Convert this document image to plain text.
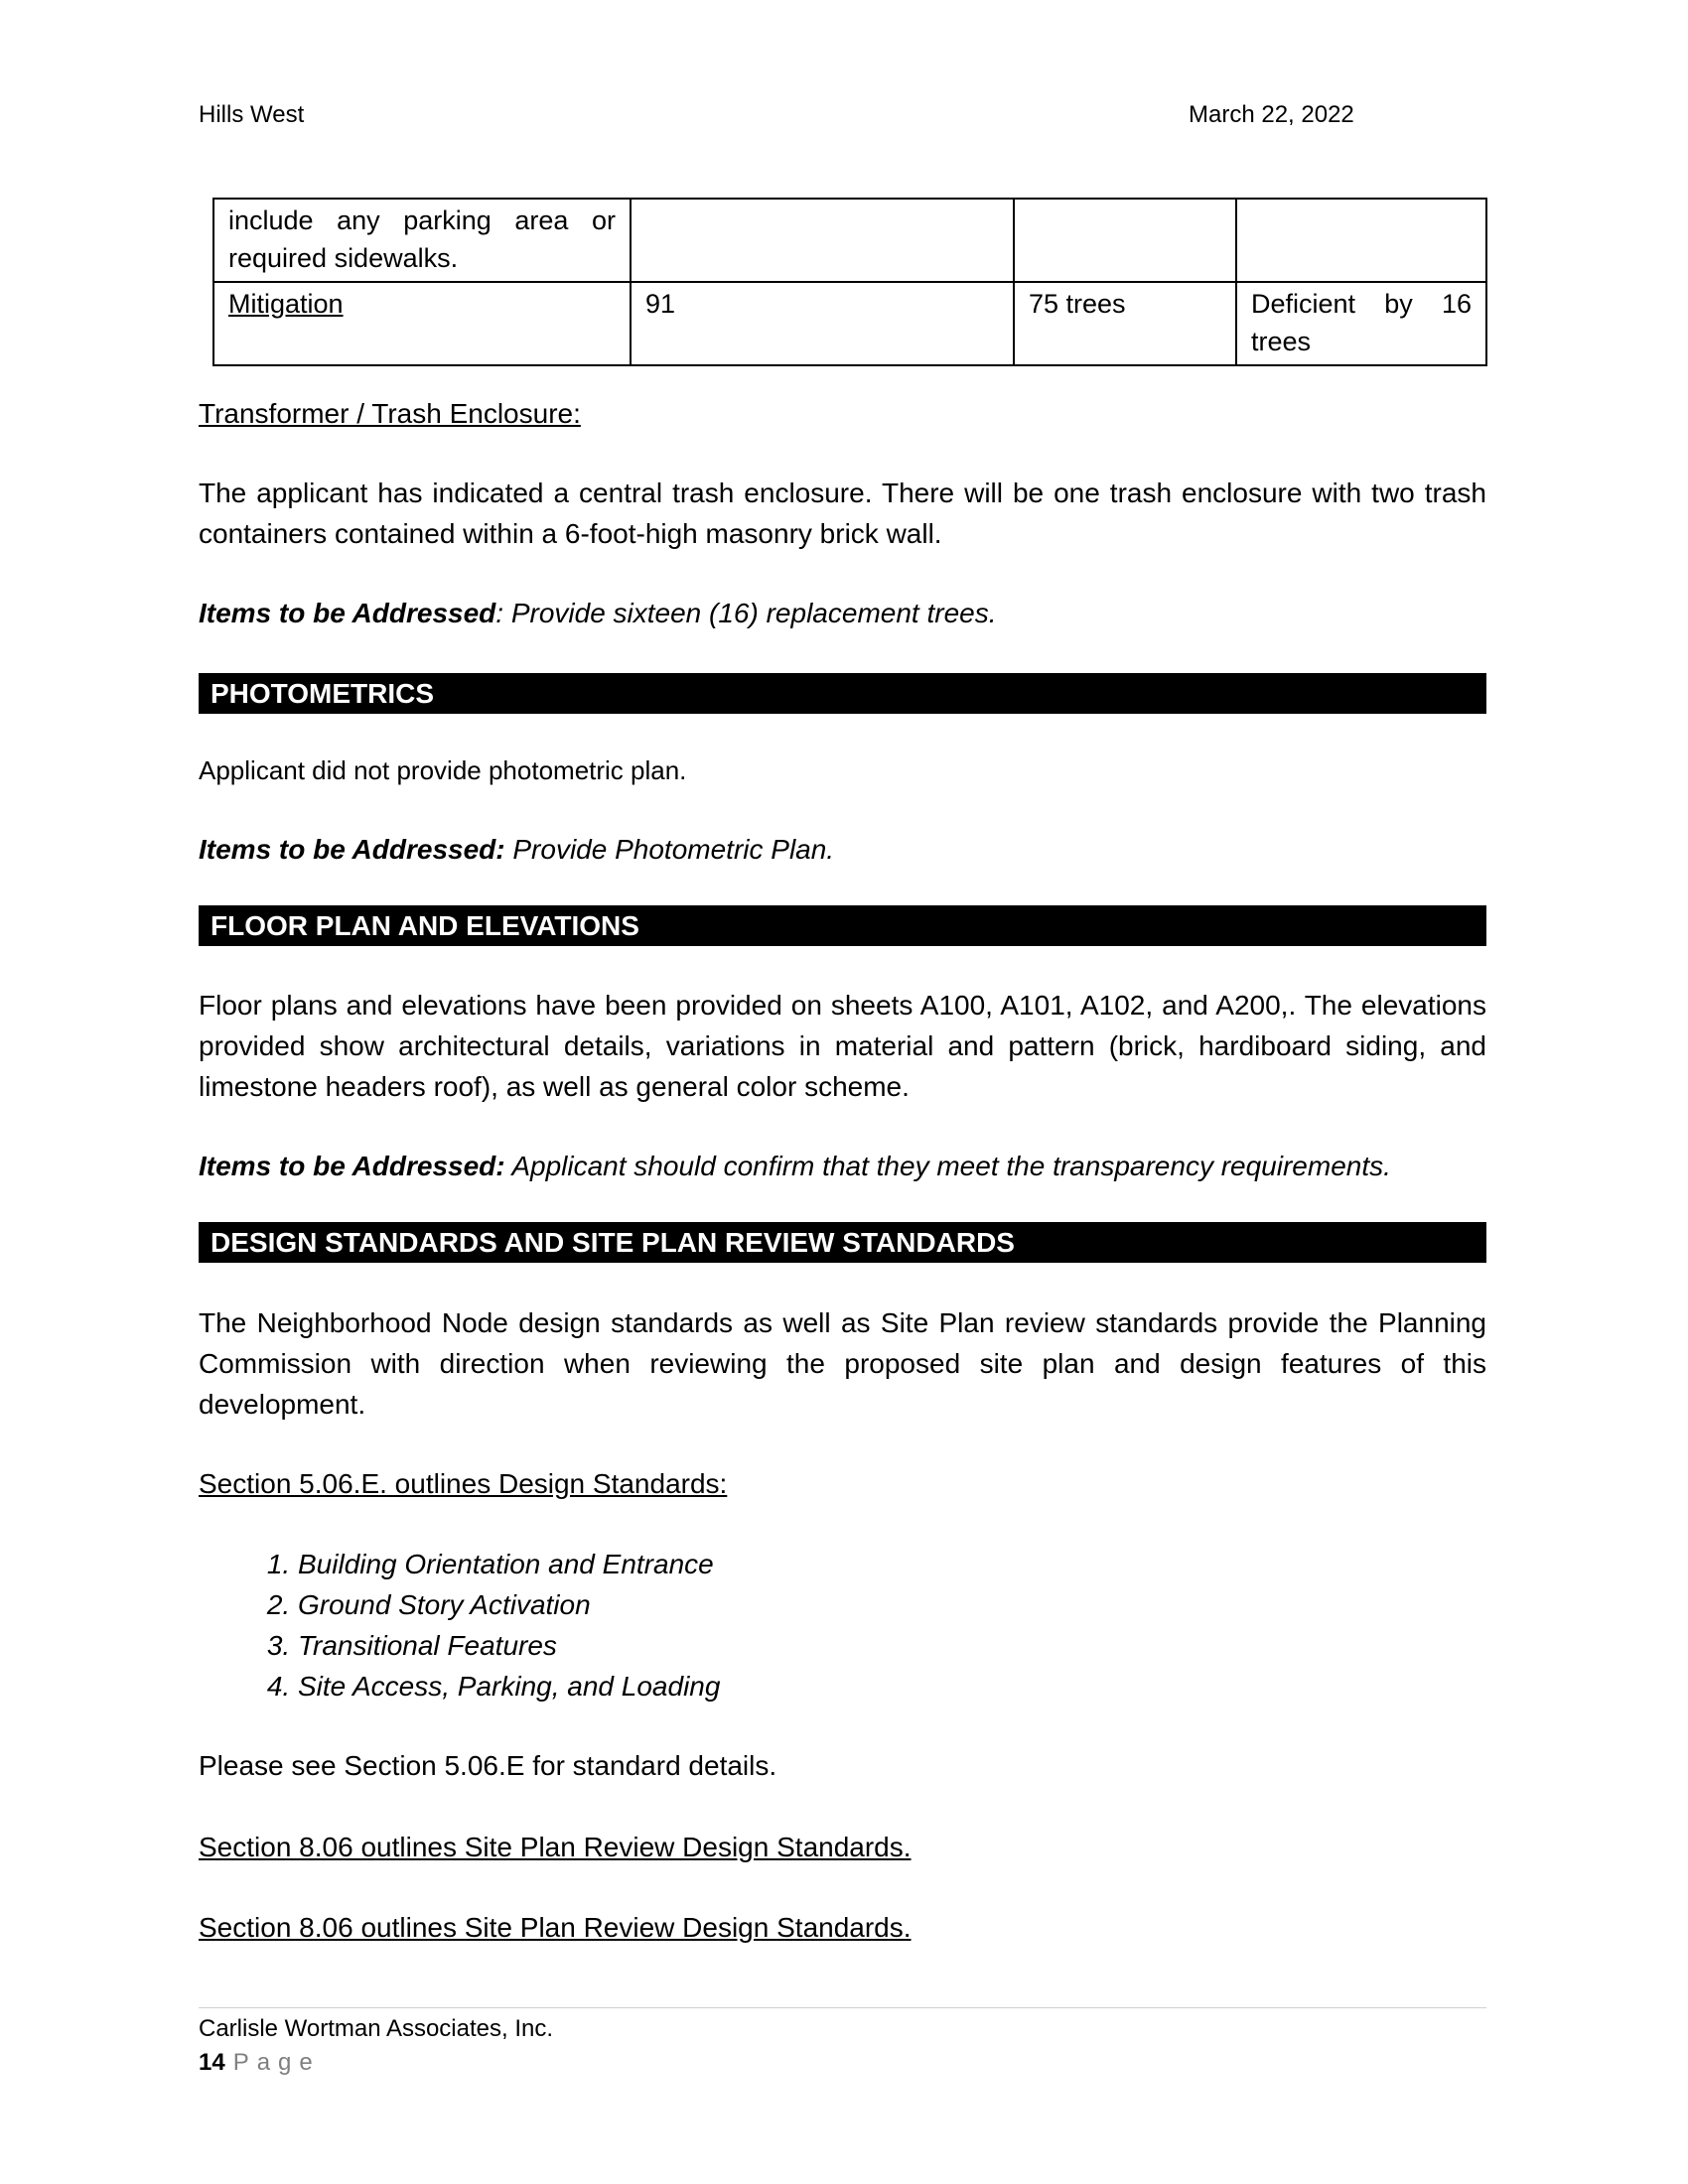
Hills West	March 22, 2022
include any parking area or required sidewalks.			
Mitigation	91	75 trees	Deficient by 16 trees

Transformer / Trash Enclosure:

The applicant has indicated a central trash enclosure. There will be one trash enclosure with two trash containers contained within a 6-foot-high masonry brick wall.

Items to be Addressed: Provide sixteen (16) replacement trees.

PHOTOMETRICS

Applicant did not provide photometric plan.

Items to be Addressed: Provide Photometric Plan.

FLOOR PLAN AND ELEVATIONS

Floor plans and elevations have been provided on sheets A100, A101, A102, and A200,. The elevations provided show architectural details, variations in material and pattern (brick, hardiboard siding, and limestone headers roof), as well as general color scheme.

Items to be Addressed: Applicant should confirm that they meet the transparency requirements.

DESIGN STANDARDS AND SITE PLAN REVIEW STANDARDS

The Neighborhood Node design standards as well as Site Plan review standards provide the Planning Commission with direction when reviewing the proposed site plan and design features of this development.

Section 5.06.E. outlines Design Standards:

1. Building Orientation and Entrance
2. Ground Story Activation
3. Transitional Features
4. Site Access, Parking, and Loading

Please see Section 5.06.E for standard details.

Section 8.06 outlines Site Plan Review Design Standards.

Section 8.06 outlines Site Plan Review Design Standards.

Carlisle Wortman Associates, Inc.
14 Page
